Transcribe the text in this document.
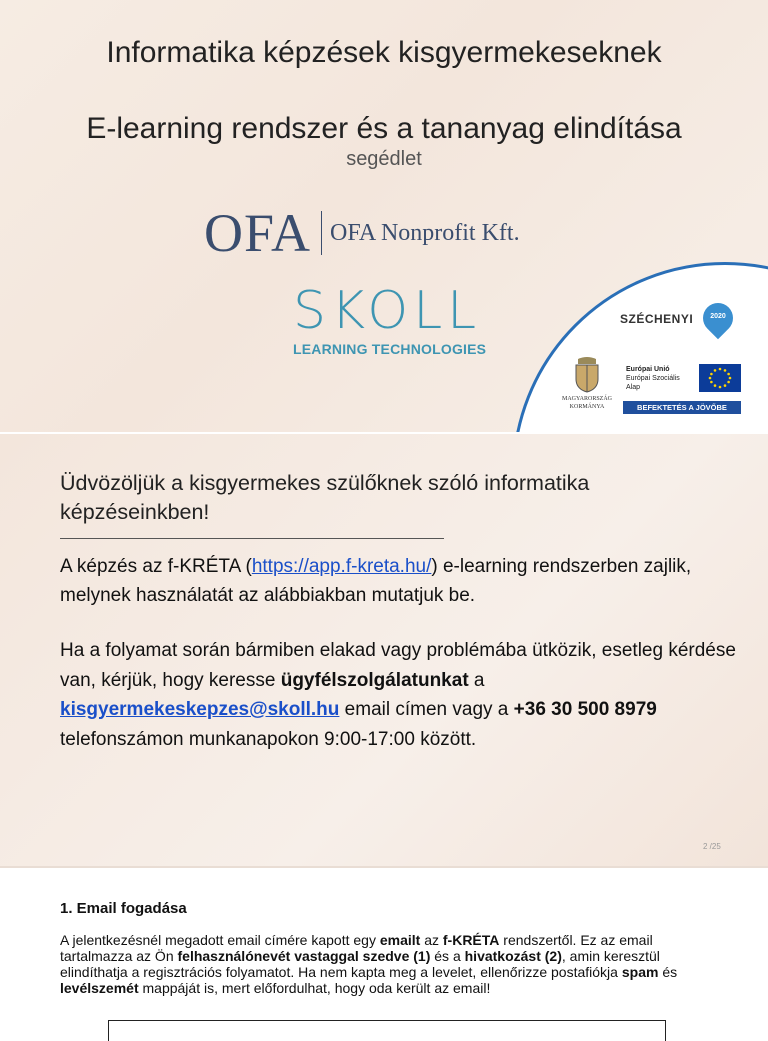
Informatika képzések kisgyermekeseknek
E-learning rendszer és a tananyag elindítása
segédlet
OFA OFA Nonprofit Kft.
SKOLL
LEARNING TECHNOLOGIES
SZÉCHENYI	2020
MAGYARORSZÁG KORMÁNYA
Európai Unió
Európai Szociális
Alap
BEFEKTETÉS A JÖVŐBE
Üdvözöljük a kisgyermekes szülőknek szóló informatika képzéseinkben!
A képzés az f-KRÉTA (https://app.f-kreta.hu/) e-learning rendszerben zajlik, melynek használatát az alábbiakban mutatjuk be.
Ha a folyamat során bármiben elakad vagy problémába ütközik, esetleg kérdése van, kérjük, hogy keresse ügyfélszolgálatunkat a
kisgyermekeskepzes@skoll.hu email címen vagy a +36 30 500 8979 telefonszámon munkanapokon 9:00-17:00 között.
2 /25
1. Email fogadása
A jelentkezésnél megadott email címére kapott egy emailt az f-KRÉTA rendszertől. Ez az email tartalmazza az Ön felhasználónevét vastaggal szedve (1) és a hivatkozást (2), amin keresztül elindíthatja a regisztrációs folyamatot. Ha nem kapta meg a levelet, ellenőrizze postafiókja spam és levélszemét mappáját is, mert előfordulhat, hogy oda került az email!
